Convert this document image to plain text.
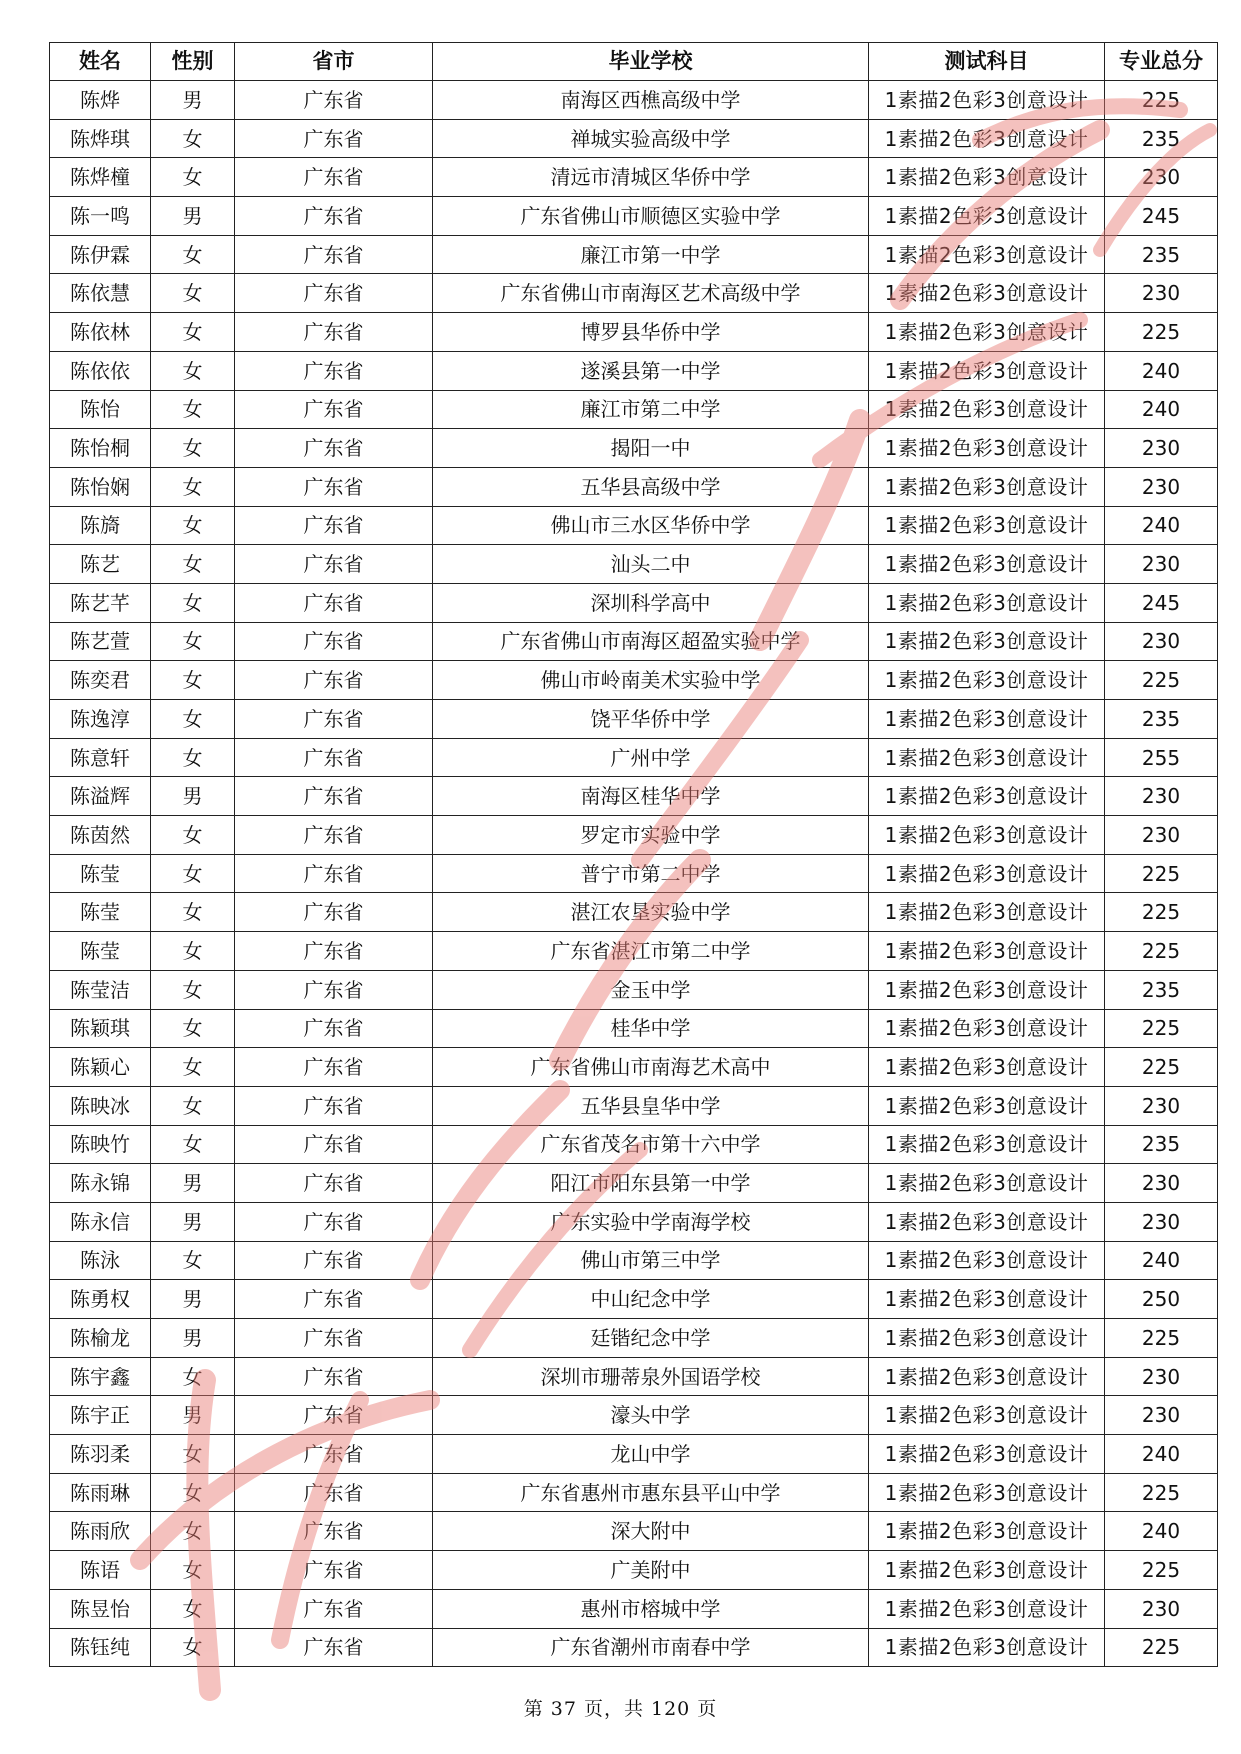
姓名	性别	省市	毕业学校	测试科目	专业总分
陈烨	男	广东省	南海区西樵高级中学	1素描2色彩3创意设计	225
陈烨琪	女	广东省	禅城实验高级中学	1素描2色彩3创意设计	235
陈烨橦	女	广东省	清远市清城区华侨中学	1素描2色彩3创意设计	230
陈一鸣	男	广东省	广东省佛山市顺德区实验中学	1素描2色彩3创意设计	245
陈伊霖	女	广东省	廉江市第一中学	1素描2色彩3创意设计	235
陈依慧	女	广东省	广东省佛山市南海区艺术高级中学	1素描2色彩3创意设计	230
陈依林	女	广东省	博罗县华侨中学	1素描2色彩3创意设计	225
陈依依	女	广东省	遂溪县第一中学	1素描2色彩3创意设计	240
陈怡	女	广东省	廉江市第二中学	1素描2色彩3创意设计	240
陈怡桐	女	广东省	揭阳一中	1素描2色彩3创意设计	230
陈怡娴	女	广东省	五华县高级中学	1素描2色彩3创意设计	230
陈旖	女	广东省	佛山市三水区华侨中学	1素描2色彩3创意设计	240
陈艺	女	广东省	汕头二中	1素描2色彩3创意设计	230
陈艺芊	女	广东省	深圳科学高中	1素描2色彩3创意设计	245
陈艺萱	女	广东省	广东省佛山市南海区超盈实验中学	1素描2色彩3创意设计	230
陈奕君	女	广东省	佛山市岭南美术实验中学	1素描2色彩3创意设计	225
陈逸淳	女	广东省	饶平华侨中学	1素描2色彩3创意设计	235
陈意轩	女	广东省	广州中学	1素描2色彩3创意设计	255
陈溢辉	男	广东省	南海区桂华中学	1素描2色彩3创意设计	230
陈茵然	女	广东省	罗定市实验中学	1素描2色彩3创意设计	230
陈莹	女	广东省	普宁市第二中学	1素描2色彩3创意设计	225
陈莹	女	广东省	湛江农垦实验中学	1素描2色彩3创意设计	225
陈莹	女	广东省	广东省湛江市第二中学	1素描2色彩3创意设计	225
陈莹洁	女	广东省	金玉中学	1素描2色彩3创意设计	235
陈颖琪	女	广东省	桂华中学	1素描2色彩3创意设计	225
陈颖心	女	广东省	广东省佛山市南海艺术高中	1素描2色彩3创意设计	225
陈映冰	女	广东省	五华县皇华中学	1素描2色彩3创意设计	230
陈映竹	女	广东省	广东省茂名市第十六中学	1素描2色彩3创意设计	235
陈永锦	男	广东省	阳江市阳东县第一中学	1素描2色彩3创意设计	230
陈永信	男	广东省	广东实验中学南海学校	1素描2色彩3创意设计	230
陈泳	女	广东省	佛山市第三中学	1素描2色彩3创意设计	240
陈勇权	男	广东省	中山纪念中学	1素描2色彩3创意设计	250
陈榆龙	男	广东省	廷锴纪念中学	1素描2色彩3创意设计	225
陈宇鑫	女	广东省	深圳市珊蒂泉外国语学校	1素描2色彩3创意设计	230
陈宇正	男	广东省	濠头中学	1素描2色彩3创意设计	230
陈羽柔	女	广东省	龙山中学	1素描2色彩3创意设计	240
陈雨琳	女	广东省	广东省惠州市惠东县平山中学	1素描2色彩3创意设计	225
陈雨欣	女	广东省	深大附中	1素描2色彩3创意设计	240
陈语	女	广东省	广美附中	1素描2色彩3创意设计	225
陈昱怡	女	广东省	惠州市榕城中学	1素描2色彩3创意设计	230
陈钰纯	女	广东省	广东省潮州市南春中学	1素描2色彩3创意设计	225
第 37 页，共 120 页
